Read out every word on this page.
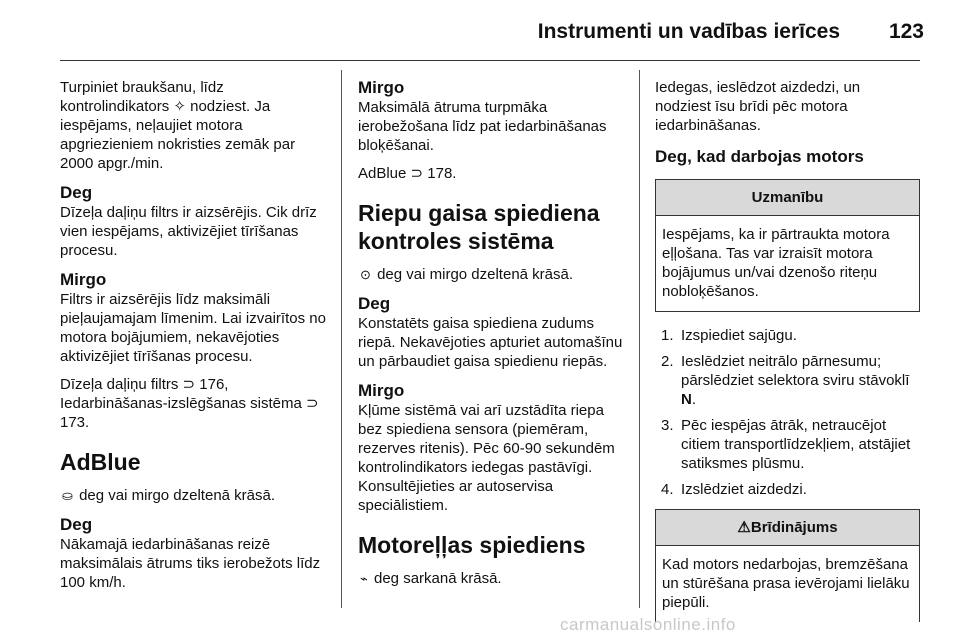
Instrumenti un vadības ierīces	123

Turpiniet braukšanu, līdz kontrolindikators ✧ nodziest. Ja iespējams, neļaujiet motora apgriezieniem nokristies zemāk par 2000 apgr./min.

Deg

Dīzeļa daļiņu filtrs ir aizsērējis. Cik drīz vien iespējams, aktivizējiet tīrīšanas procesu.

Mirgo

Filtrs ir aizsērējis līdz maksimāli pieļaujamajam līmenim. Lai izvairītos no motora bojājumiem, nekavējoties aktivizējiet tīrīšanas procesu.

Dīzeļa daļiņu filtrs ⊃ 176, Iedarbināšanas-izslēgšanas sistēma ⊃ 173.

AdBlue

⛀ deg vai mirgo dzeltenā krāsā.

Deg

Nākamajā iedarbināšanas reizē maksimālais ātrums tiks ierobežots līdz 100 km/h.

Mirgo

Maksimālā ātruma turpmāka ierobežošana līdz pat iedarbināšanas bloķēšanai.

AdBlue ⊃ 178.

Riepu gaisa spiediena kontroles sistēma

⊙ deg vai mirgo dzeltenā krāsā.

Deg

Konstatēts gaisa spiediena zudums riepā. Nekavējoties apturiet automašīnu un pārbaudiet gaisa spiedienu riepās.

Mirgo

Kļūme sistēmā vai arī uzstādīta riepa bez spiediena sensora (piemēram, rezerves ritenis). Pēc 60-90 sekundēm kontrolindikators iedegas pastāvīgi. Konsultējieties ar autoservisa speciālistiem.

Motoreļļas spiediens

⌁ deg sarkanā krāsā.

Iedegas, ieslēdzot aizdedzi, un nodziest īsu brīdi pēc motora iedarbināšanas.

Deg, kad darbojas motors
Uzmanību
Iespējams, ka ir pārtraukta motora eļļošana. Tas var izraisīt motora bojājumus un/vai dzenošo riteņu nobloķēšanos.
1. Izspiediet sajūgu.
2. Ieslēdziet neitrālo pārnesumu; pārslēdziet selektora sviru stāvoklī N.
3. Pēc iespējas ātrāk, netraucējot citiem transportlīdzekļiem, atstājiet satiksmes plūsmu.
4. Izslēdziet aizdedzi.
⚠Brīdinājums
Kad motors nedarbojas, bremzēšana un stūrēšana prasa ievērojami lielāku piepūli.
carmanualsonline.info
